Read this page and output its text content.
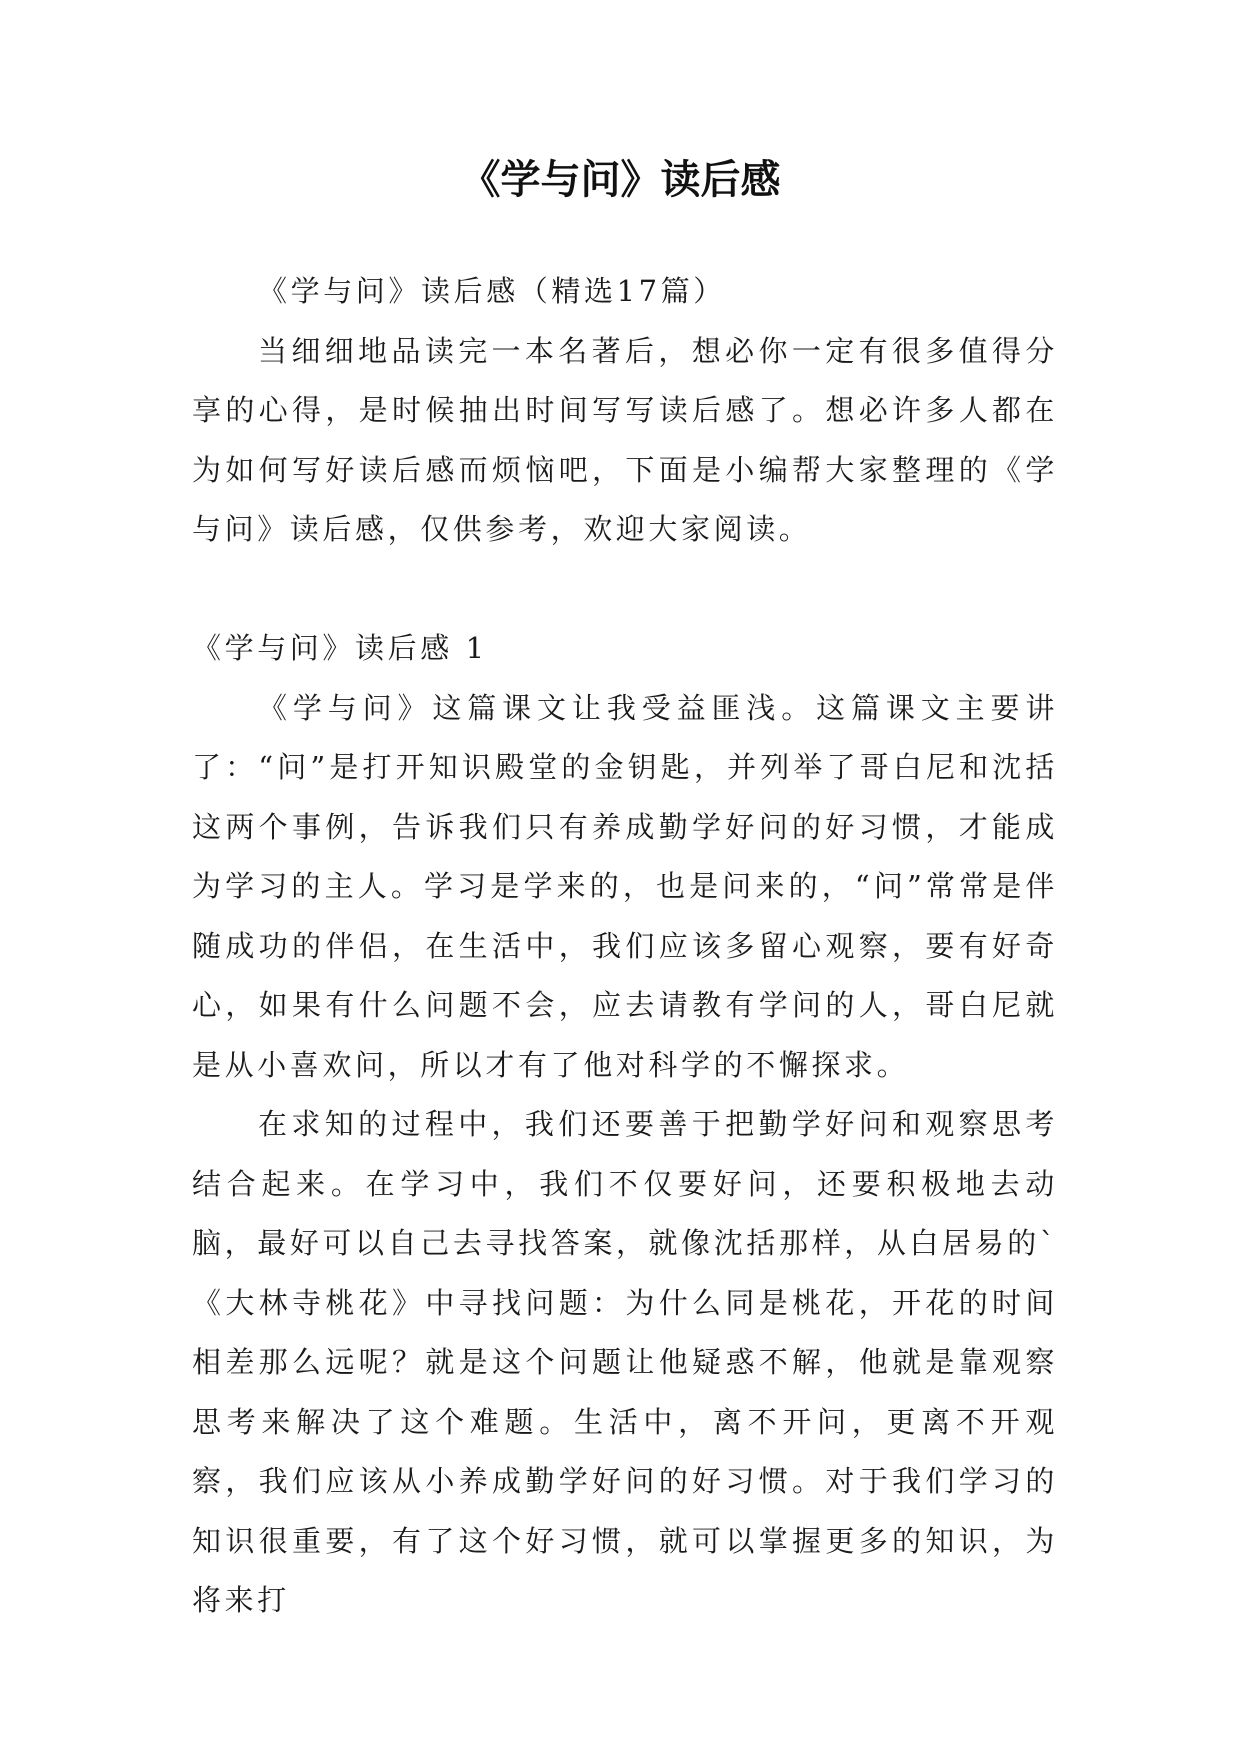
《学与问》读后感

《学与问》读后感（精选17篇）

当细细地品读完一本名著后，想必你一定有很多值得分享的心得，是时候抽出时间写写读后感了。想必许多人都在为如何写好读后感而烦恼吧，下面是小编帮大家整理的《学与问》读后感，仅供参考，欢迎大家阅读。

《学与问》读后感 1

《学与问》这篇课文让我受益匪浅。这篇课文主要讲了：“问”是打开知识殿堂的金钥匙，并列举了哥白尼和沈括这两个事例，告诉我们只有养成勤学好问的好习惯，才能成为学习的主人。学习是学来的，也是问来的，“问”常常是伴随成功的伴侣，在生活中，我们应该多留心观察，要有好奇心，如果有什么问题不会，应去请教有学问的人，哥白尼就是从小喜欢问，所以才有了他对科学的不懈探求。

在求知的过程中，我们还要善于把勤学好问和观察思考结合起来。在学习中，我们不仅要好问，还要积极地去动脑，最好可以自己去寻找答案，就像沈括那样，从白居易的`《大林寺桃花》中寻找问题：为什么同是桃花，开花的时间相差那么远呢？就是这个问题让他疑惑不解，他就是靠观察思考来解决了这个难题。生活中，离不开问，更离不开观察，我们应该从小养成勤学好问的好习惯。对于我们学习的知识很重要，有了这个好习惯，就可以掌握更多的知识，为将来打
